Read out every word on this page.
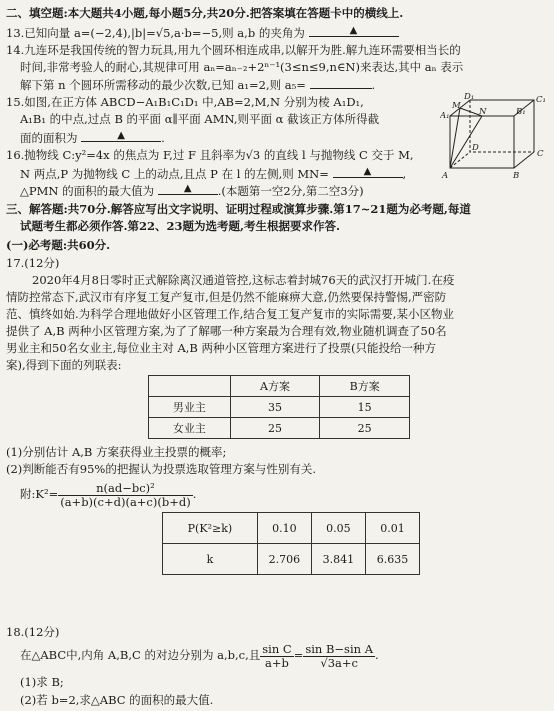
二、填空题:本大题共4小题,每小题5分,共20分.把答案填在答题卡中的横线上.
13.已知向量 a=(−2,4),|b|=√5,a·b=−5,则 a,b 的夹角为	▲
14.九连环是我国传统的智力玩具,用九个圆环相连成串,以解开为胜.解九连环需要相当长的
时间,非常考验人的耐心,其规律可用 aₙ=aₙ₋₂+2ⁿ⁻¹(3≤n≤9,n∈N)来表达,其中 aₙ 表示
解下第 n 个圆环所需移动的最少次数,已知 a₁=2,则 a₅=	.
15.如图,在正方体 ABCD−A₁B₁C₁D₁ 中,AB=2,M,N 分别为棱 A₁D₁,
A₁B₁ 的中点,过点 B 的平面 α∥平面 AMN,则平面 α 截该正方体所得截
面的面积为	▲	.
16.抛物线 C:y²=4x 的焦点为 F,过 F 且斜率为√3 的直线 l 与抛物线 C 交于 M,
N 两点,P 为抛物线 C 上的动点,且点 P 在 l 的左侧,则 MN=	▲	,
△PMN 的面积的最大值为	▲ .(本题第一空2分,第二空3分)
D₁	C₁
A₁	N	B₁
M
D
C
A	B
三、解答题:共70分.解答应写出文字说明、证明过程或演算步骤.第17~21题为必考题,每道
试题考生都必须作答.第22、23题为选考题,考生根据要求作答.
(一)必考题:共60分.
17.(12分)
2020年4月8日零时正式解除离汉通道管控,这标志着封城76天的武汉打开城门.在疫
情防控常态下,武汉市有序复工复产复市,但是仍然不能麻痹大意,仍然要保持警惕,严密防
范、慎终如始.为科学合理地做好小区管理工作,结合复工复产复市的实际需要,某小区物业
提供了 A,B 两种小区管理方案,为了了解哪一种方案最为合理有效,物业随机调查了50名
男业主和50名女业主,每位业主对 A,B 两种小区管理方案进行了投票(只能投给一种方
案),得到下面的列联表:
	A方案	B方案
男业主	35	15
女业主	25	25
(1)分别估计 A,B 方案获得业主投票的概率;
(2)判断能否有95%的把握认为投票选取管理方案与性别有关.
附:K²= $\frac{\text{n(ad−bc)²}}{(a+b)(c+d)(a+c)(b+d)}$ .
P(K²≥k)	0.10	0.05	0.01
k	2.706	3.841	6.635
18.(12分)
在△ABC中,内角 A,B,C 的对边分别为 a,b,c,且 $\frac{\text{sin C}}{a+b} = \frac{\text{sin B−sin A}}{√3a+c}$ .
(1)求 B;
(2)若 b=2,求△ABC 的面积的最大值.
